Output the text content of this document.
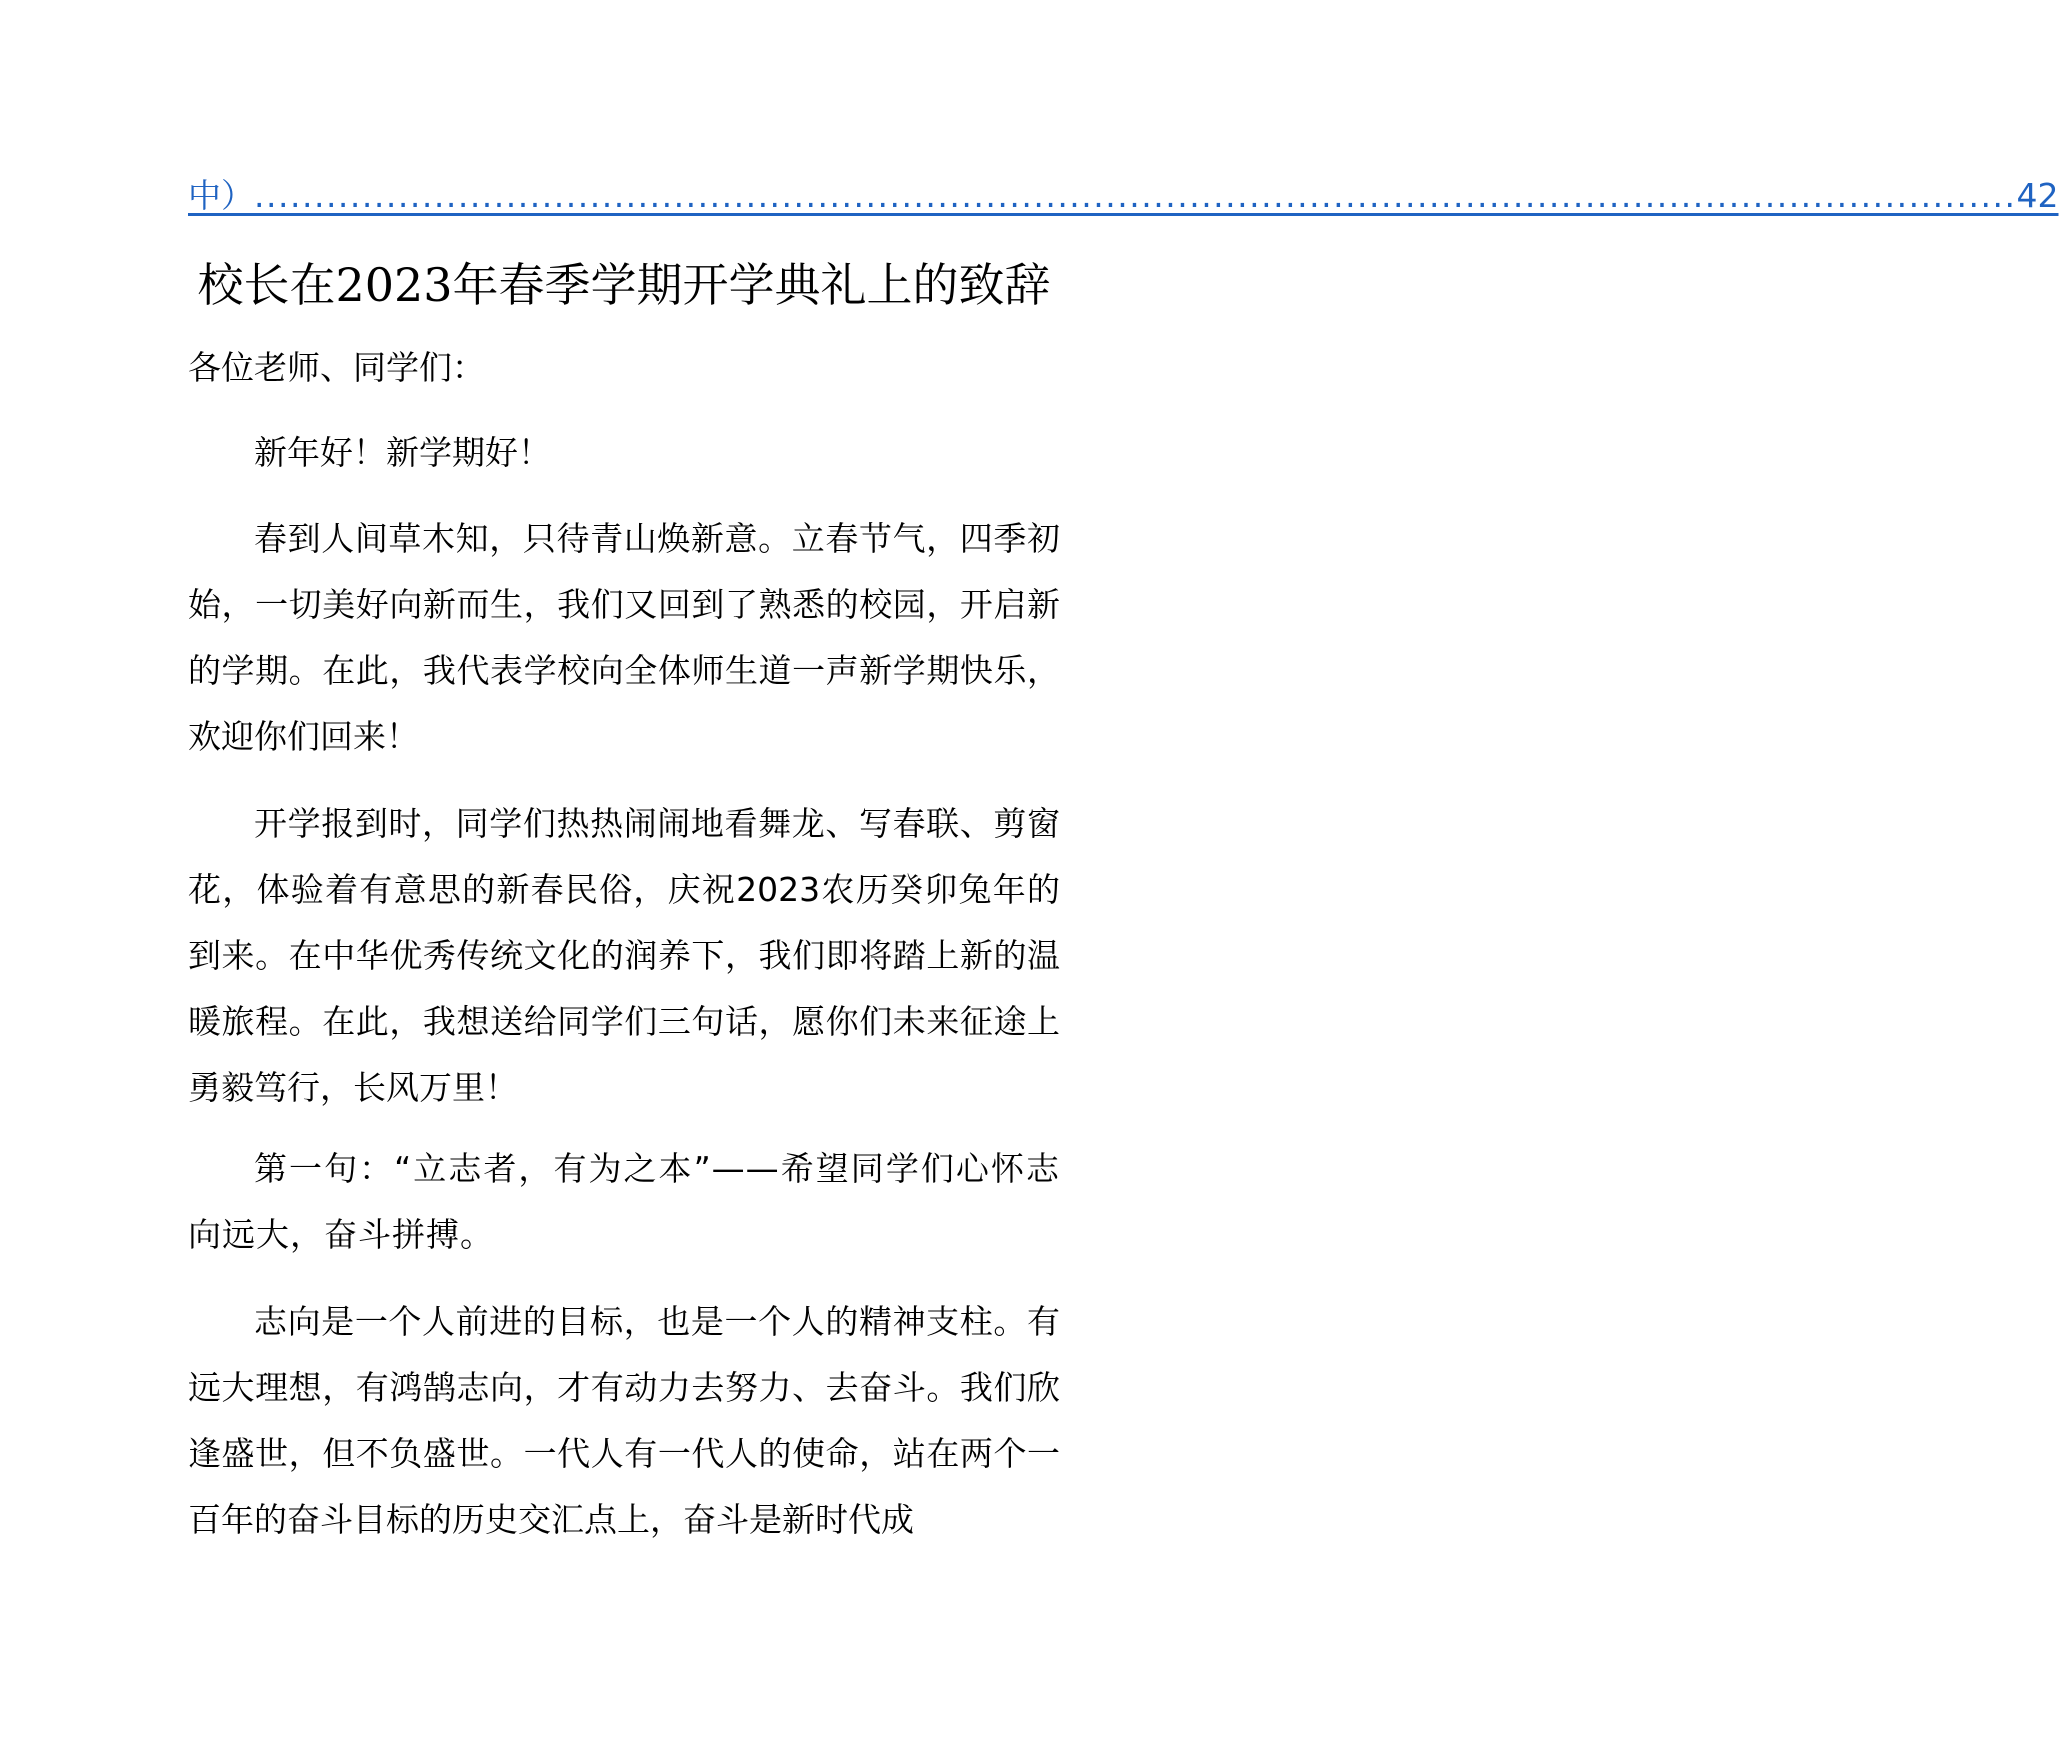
中） ................................................................................................................................................... 42
校长在2023年春季学期开学典礼上的致辞

各位老师、同学们：

新年好！新学期好！

春到人间草木知，只待青山焕新意。立春节气，四季初始，一切美好向新而生，我们又回到了熟悉的校园，开启新的学期。在此，我代表学校向全体师生道一声新学期快乐，欢迎你们回来！

开学报到时，同学们热热闹闹地看舞龙、写春联、剪窗花，体验着有意思的新春民俗，庆祝2023农历癸卯兔年的到来。在中华优秀传统文化的润养下，我们即将踏上新的温暖旅程。在此，我想送给同学们三句话，愿你们未来征途上勇毅笃行，长风万里！

第一句：“立志者，有为之本”——希望同学们心怀志向远大，奋斗拼搏。

志向是一个人前进的目标，也是一个人的精神支柱。有远大理想，有鸿鹄志向，才有动力去努力、去奋斗。我们欣逢盛世，但不负盛世。一代人有一代人的使命，站在两个一百年的奋斗目标的历史交汇点上，奋斗是新时代成
